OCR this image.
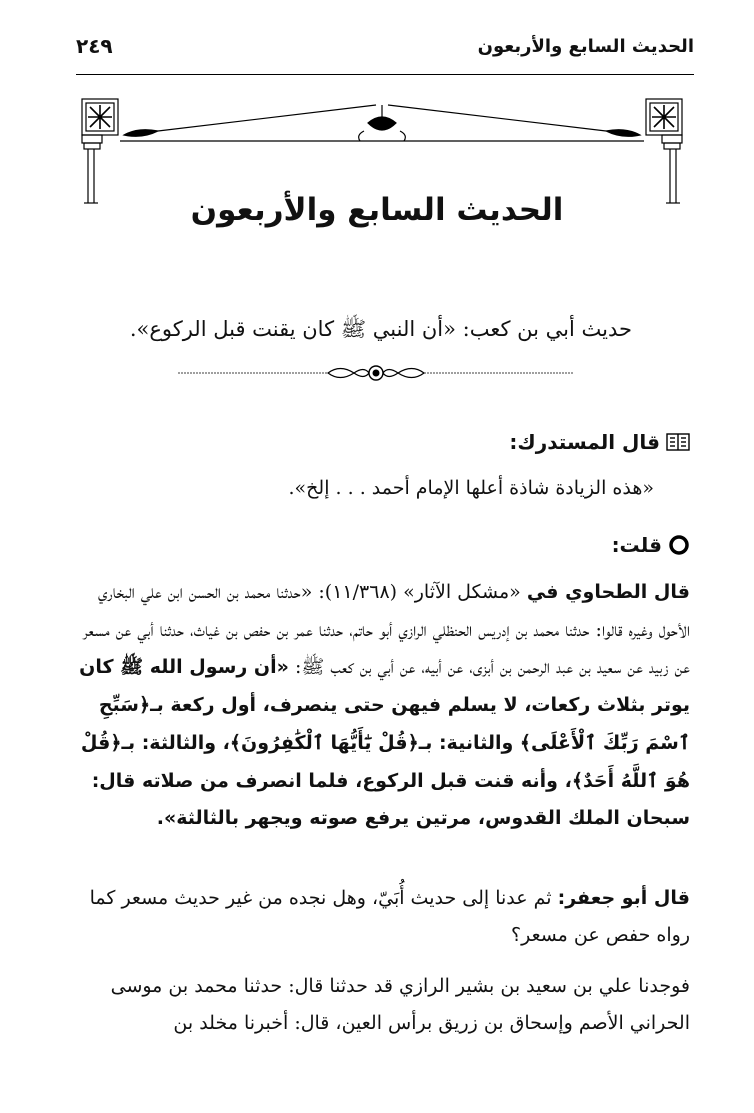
الحديث السابع والأربعون
٢٤٩
الحديث السابع والأربعون
حديث أبي بن كعب: «أن النبي ﷺ كان يقنت قبل الركوع».
قال المستدرك:
«هذه الزيادة شاذة أعلها الإمام أحمد . . . إلخ».
قلت:
قال الطحاوي في «مشكل الآثار» (١١/٣٦٨): «حدثنا محمد بن الحسن ابن علي البخاري الأحول وغيره قالوا: حدثنا محمد بن إدريس الحنظلي الرازي أبو حاتم، حدثنا عمر بن حفص بن غياث، حدثنا أبي عن مسعر عن زبيد عن سعيد بن عبد الرحمن بن أبزى، عن أبيه، عن أبي بن كعب ﷺ: «أن رسول الله ﷺ كان يوتر بثلاث ركعات، لا يسلم فيهن حتى ينصرف، أول ركعة بـ﴿سَبِّحِ ٱسْمَ رَبِّكَ ٱلْأَعْلَى﴾ والثانية: بـ﴿قُلْ يَٰٓأَيُّهَا ٱلْكَٰفِرُونَ﴾، والثالثة: بـ﴿قُلْ هُوَ ٱللَّهُ أَحَدٌ﴾، وأنه قنت قبل الركوع، فلما انصرف من صلاته قال: سبحان الملك القدوس، مرتين يرفع صوته ويجهر بالثالثة».
قال أبو جعفر: ثم عدنا إلى حديث أُبَيّ، وهل نجده من غير حديث مسعر كما رواه حفص عن مسعر؟
فوجدنا علي بن سعيد بن بشير الرازي قد حدثنا قال: حدثنا محمد بن موسى الحراني الأصم وإسحاق بن زريق برأس العين، قال: أخبرنا مخلد بن
